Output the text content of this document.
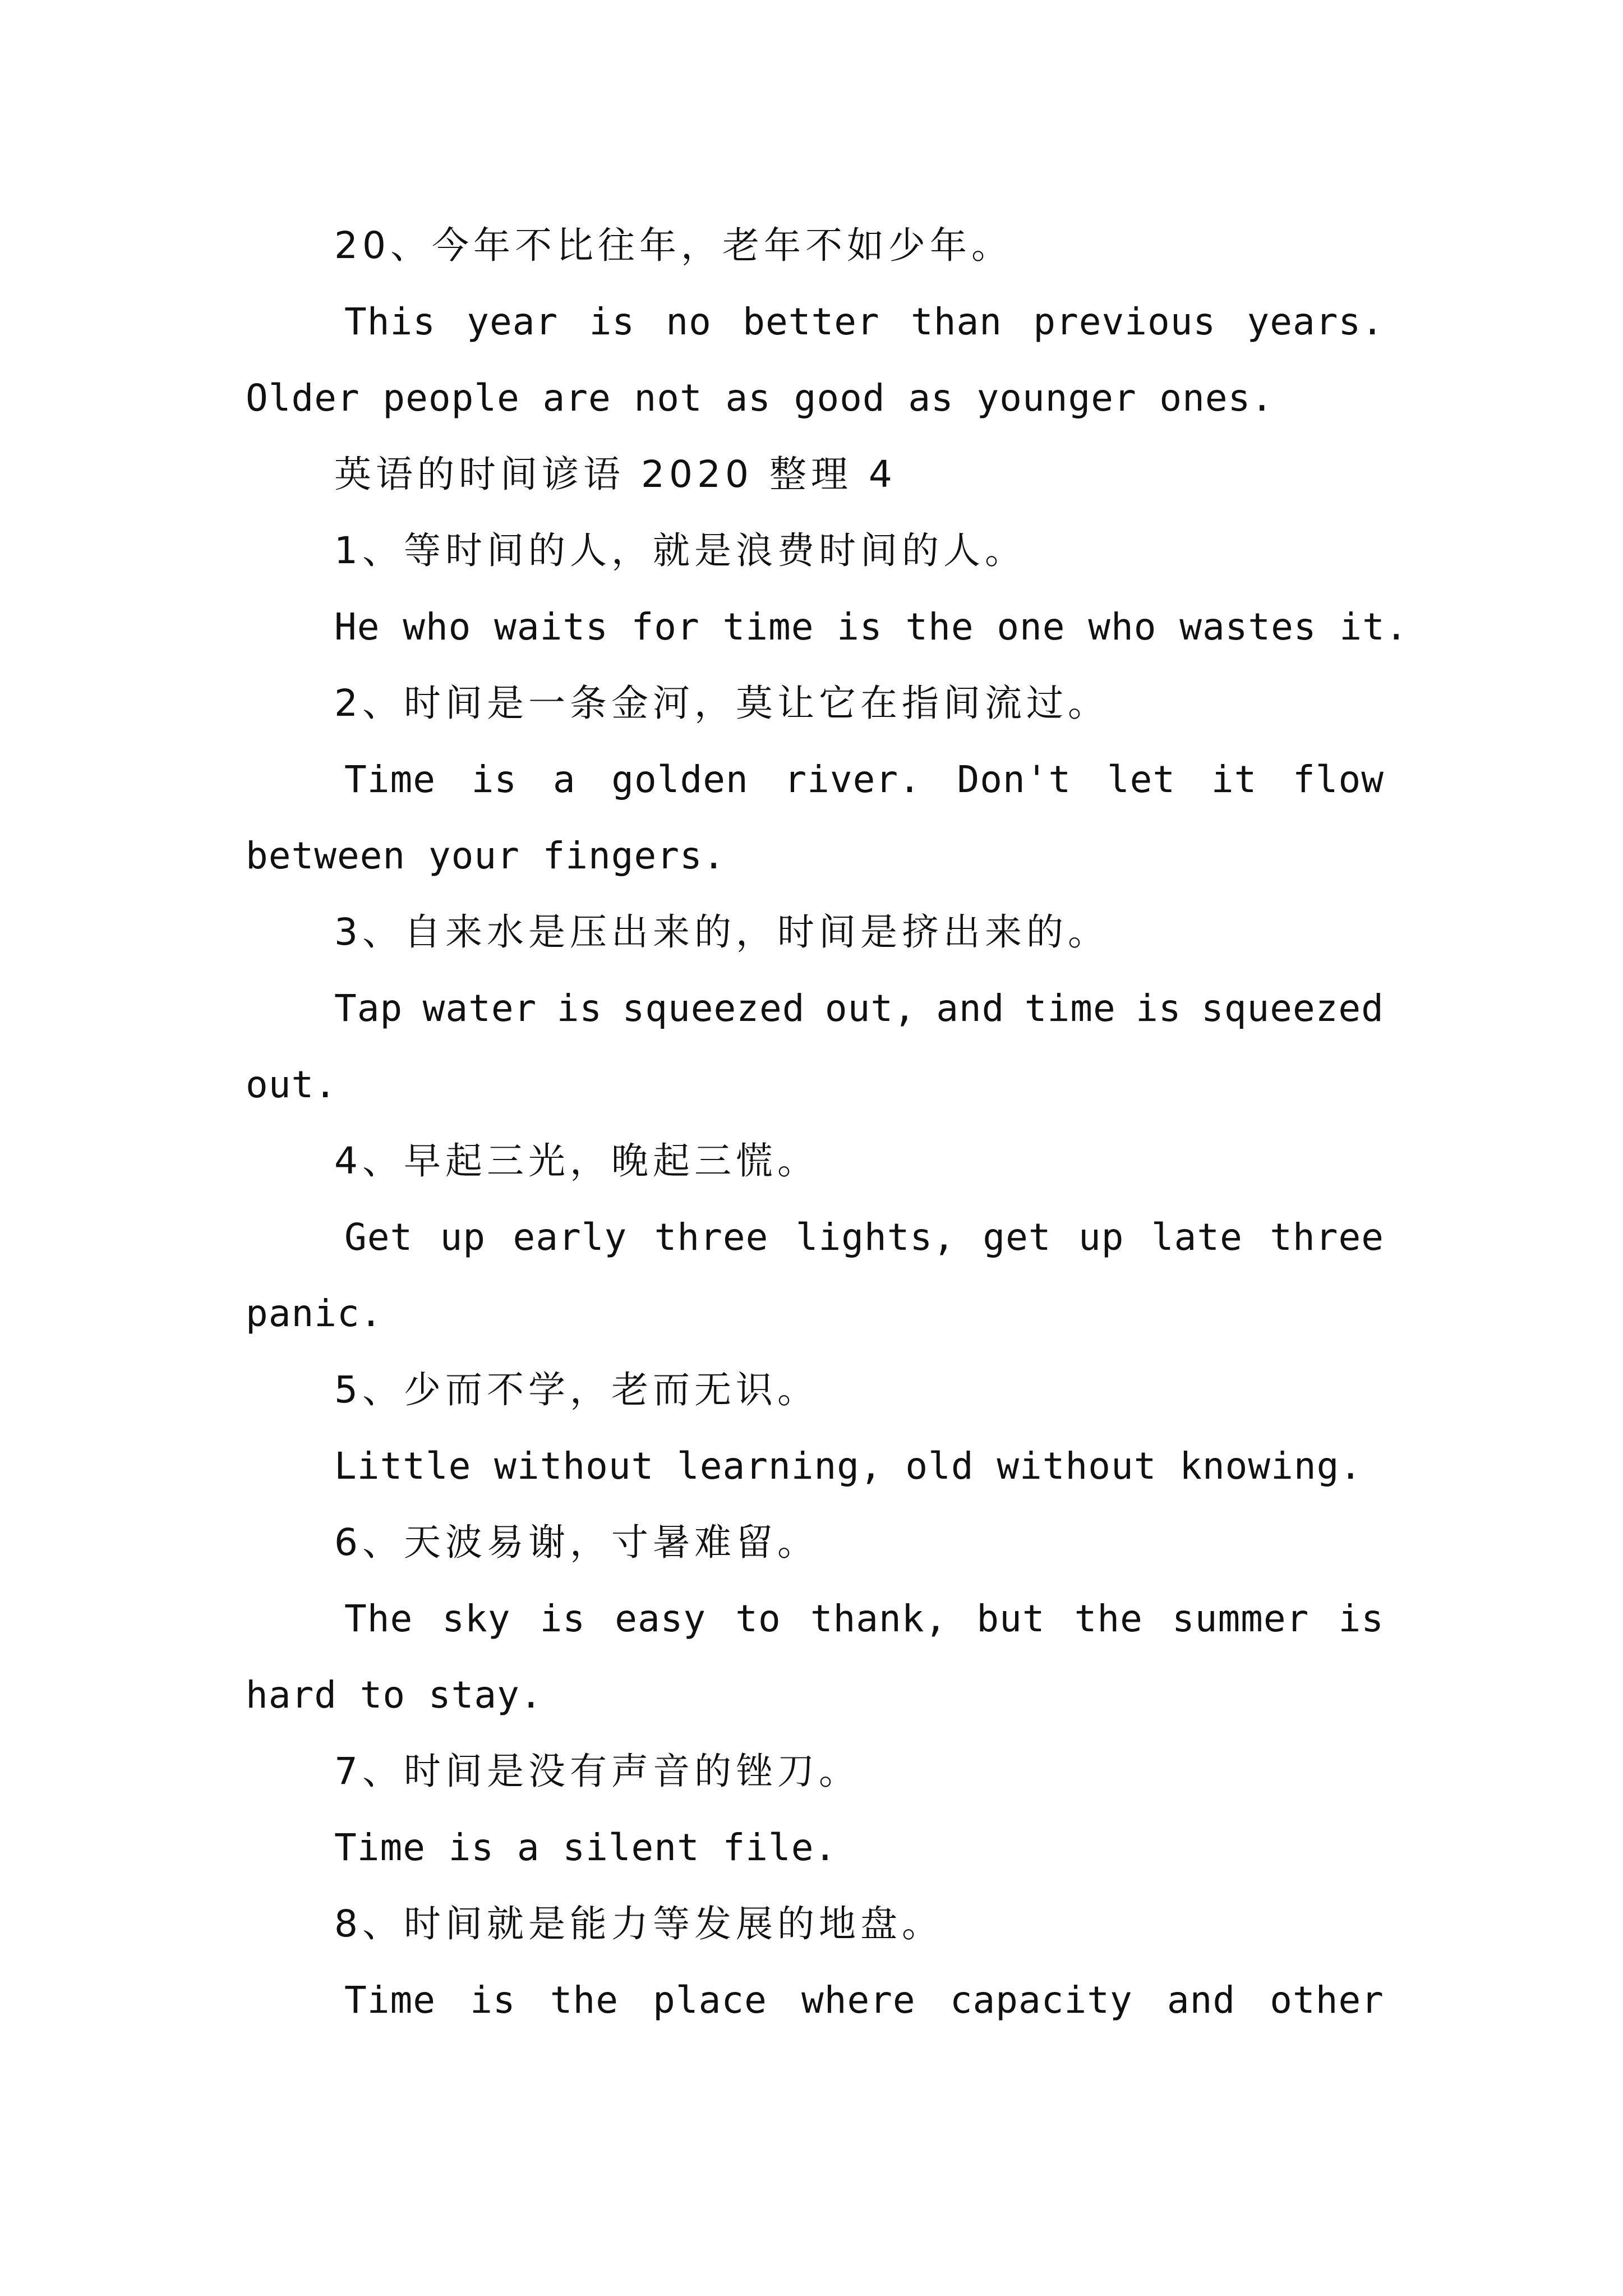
20、今年不比往年，老年不如少年。
This year is no better than previous years.
Older people are not as good as younger ones.
英语的时间谚语 2020 整理 4
1、等时间的人，就是浪费时间的人。
He who waits for time is the one who wastes it.
2、时间是一条金河，莫让它在指间流过。
Time is a golden river. Don't let it flow
between your fingers.
3、自来水是压出来的，时间是挤出来的。
Tap water is squeezed out, and time is squeezed
out.
4、早起三光，晚起三慌。
Get up early three lights, get up late three
panic.
5、少而不学，老而无识。
Little without learning, old without knowing.
6、天波易谢，寸暑难留。
The sky is easy to thank, but the summer is
hard to stay.
7、时间是没有声音的锉刀。
Time is a silent file.
8、时间就是能力等发展的地盘。
Time is the place where capacity and other
